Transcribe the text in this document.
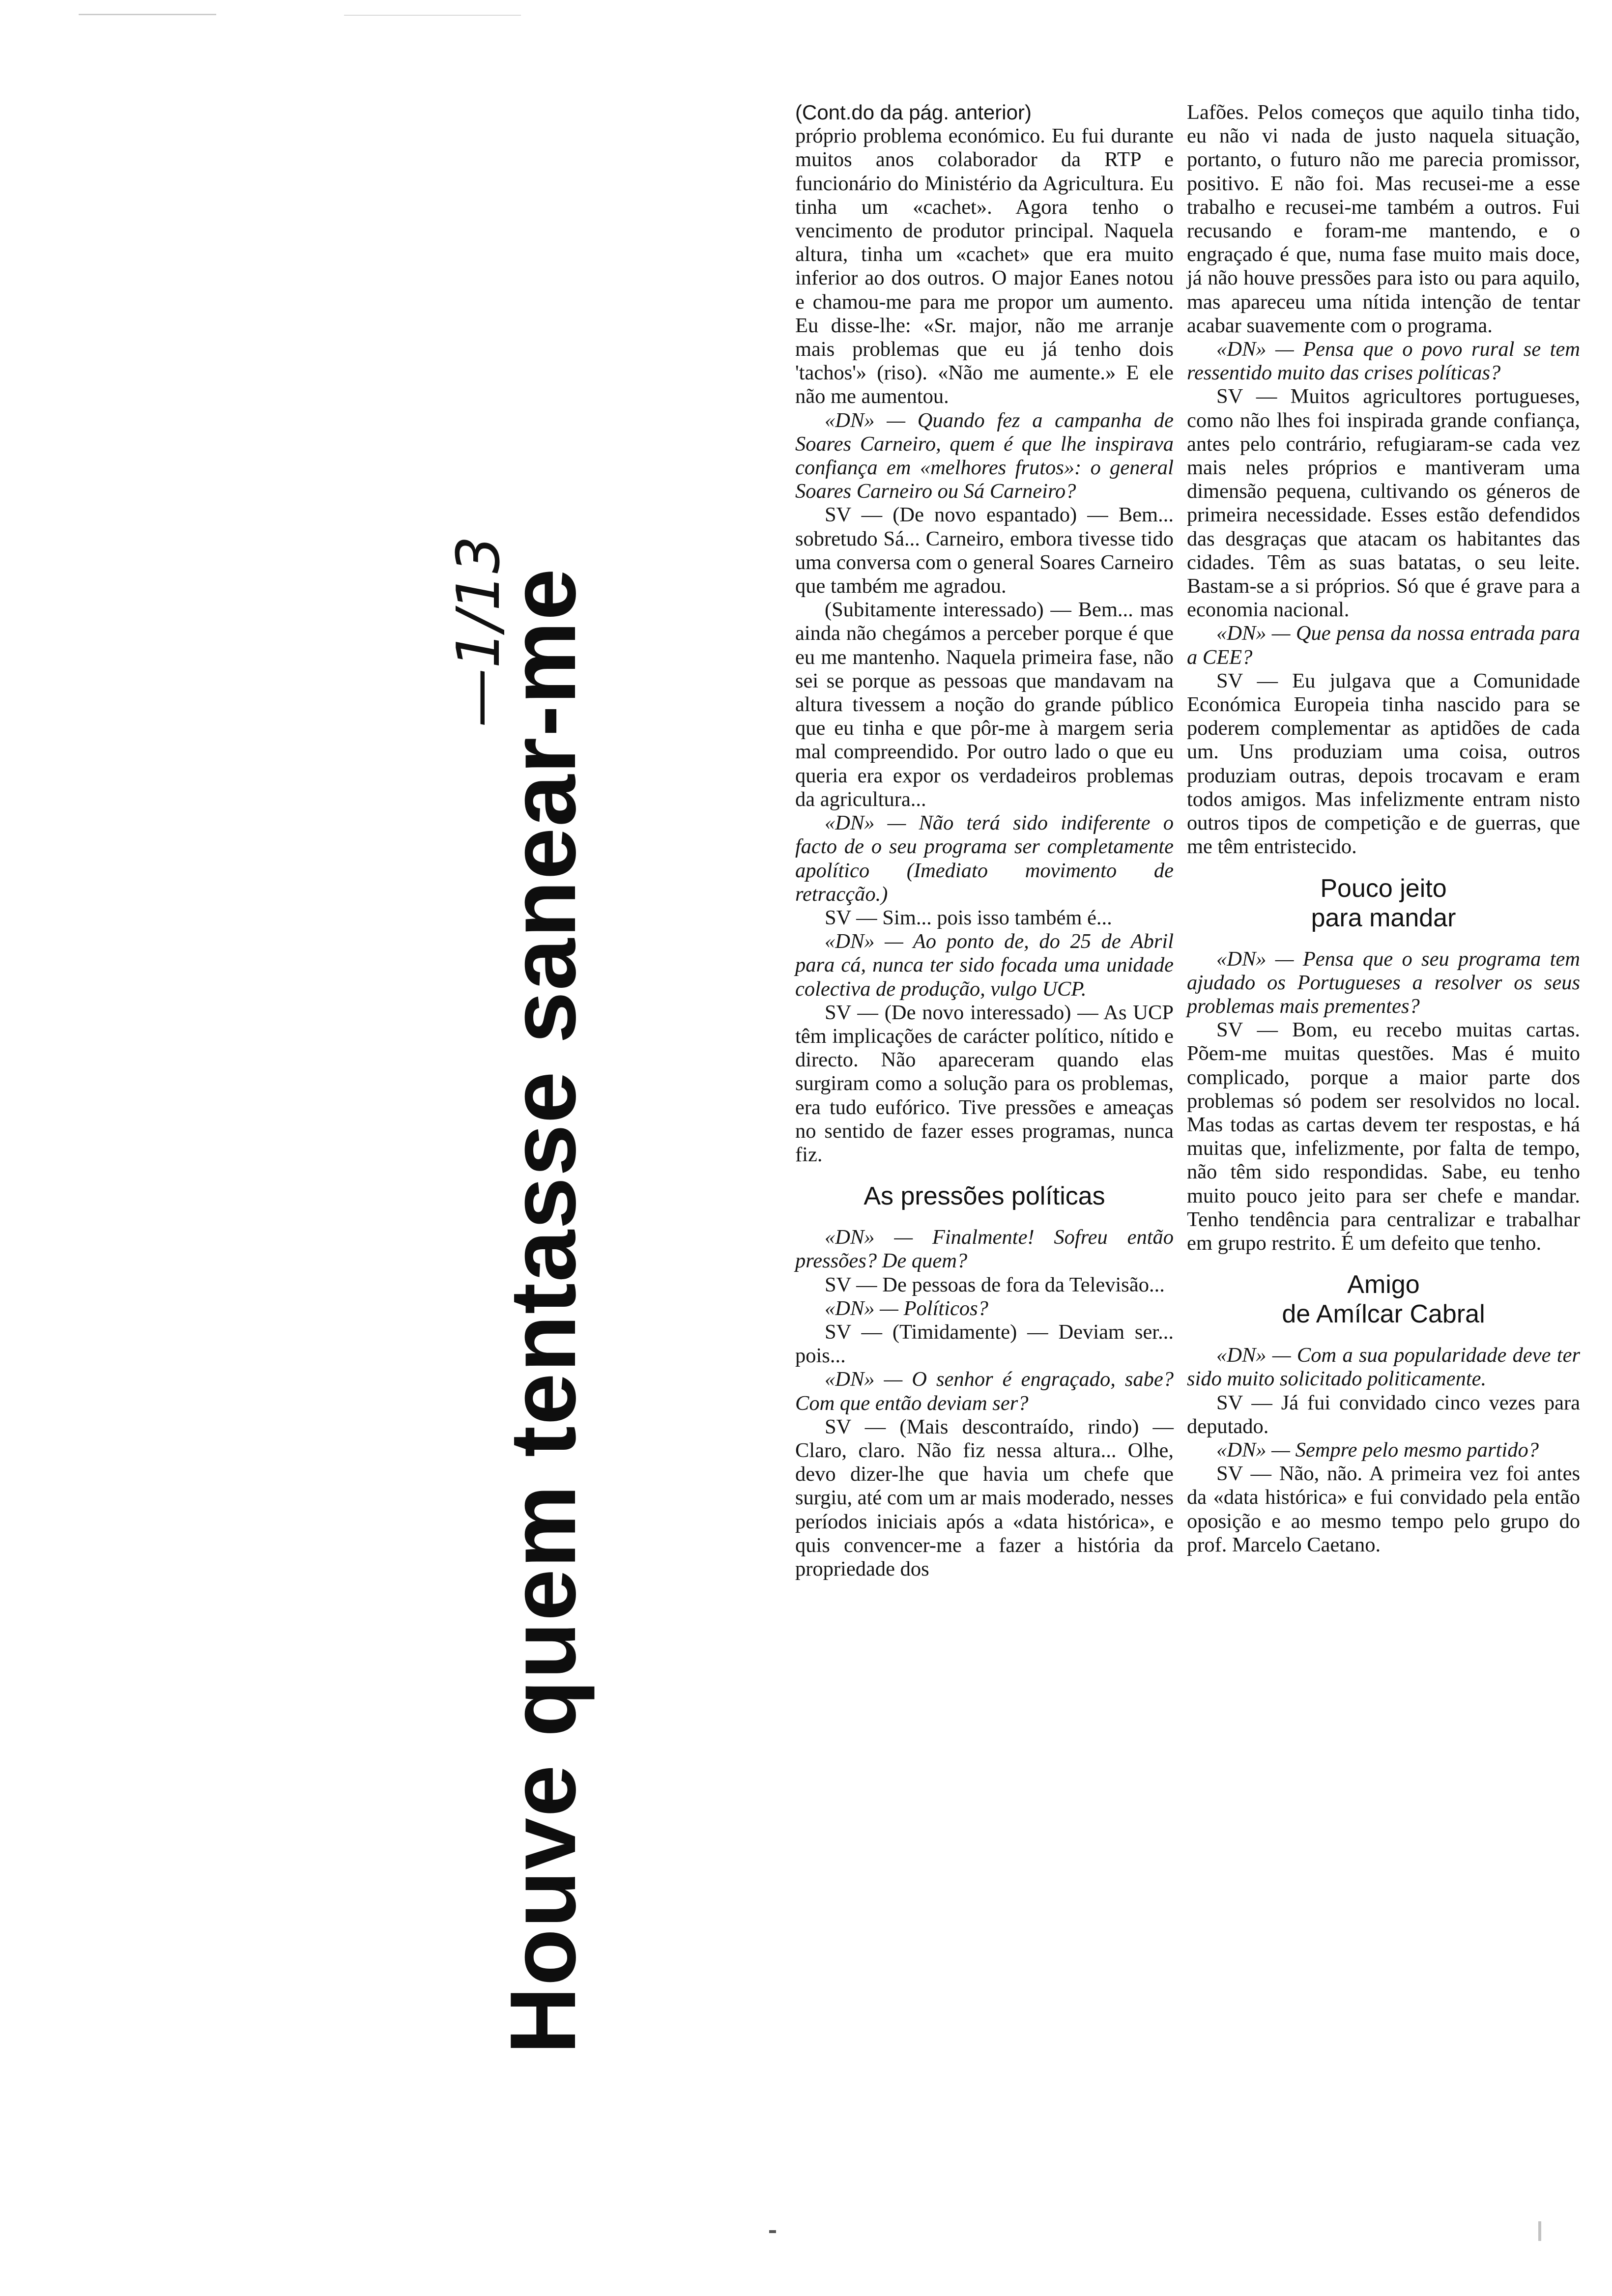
Houve quem tentasse sanear-me
—1/13

(Cont.do da pág. anterior)

próprio problema económico. Eu fui durante muitos anos colaborador da RTP e funcionário do Ministério da Agricultura. Eu tinha um «cachet». Agora tenho o vencimento de produtor principal. Naquela altura, tinha um «cachet» que era muito inferior ao dos outros. O major Eanes notou e chamou-me para me propor um aumento. Eu disse-lhe: «Sr. major, não me arranje mais problemas que eu já tenho dois 'tachos'» (riso). «Não me aumente.» E ele não me aumentou.

«DN» — Quando fez a campanha de Soares Carneiro, quem é que lhe inspirava confiança em «melhores frutos»: o general Soares Carneiro ou Sá Carneiro?

SV — (De novo espantado) — Bem... sobretudo Sá... Carneiro, embora tivesse tido uma conversa com o general Soares Carneiro que também me agradou.

(Subitamente interessado) — Bem... mas ainda não chegámos a perceber porque é que eu me mantenho. Naquela primeira fase, não sei se porque as pessoas que mandavam na altura tivessem a noção do grande público que eu tinha e que pôr-me à margem seria mal compreendido. Por outro lado o que eu queria era expor os verdadeiros problemas da agricultura...

«DN» — Não terá sido indiferente o facto de o seu programa ser completamente apolítico (Imediato movimento de retracção.)

SV — Sim... pois isso também é...

«DN» — Ao ponto de, do 25 de Abril para cá, nunca ter sido focada uma unidade colectiva de produção, vulgo UCP.

SV — (De novo interessado) — As UCP têm implicações de carácter político, nítido e directo. Não apareceram quando elas surgiram como a solução para os problemas, era tudo eufórico. Tive pressões e ameaças no sentido de fazer esses programas, nunca fiz.

As pressões políticas

«DN» — Finalmente! Sofreu então pressões? De quem?

SV — De pessoas de fora da Televisão...

«DN» — Políticos?

SV — (Timidamente) — Deviam ser... pois...

«DN» — O senhor é engraçado, sabe? Com que então deviam ser?

SV — (Mais descontraído, rindo) — Claro, claro. Não fiz nessa altura... Olhe, devo dizer-lhe que havia um chefe que surgiu, até com um ar mais moderado, nesses períodos iniciais após a «data histórica», e quis convencer-me a fazer a história da propriedade dos

Lafões. Pelos começos que aquilo tinha tido, eu não vi nada de justo naquela situação, portanto, o futuro não me parecia promissor, positivo. E não foi. Mas recusei-me a esse trabalho e recusei-me também a outros. Fui recusando e foram-me mantendo, e o engraçado é que, numa fase muito mais doce, já não houve pressões para isto ou para aquilo, mas apareceu uma nítida intenção de tentar acabar suavemente com o programa.

«DN» — Pensa que o povo rural se tem ressentido muito das crises políticas?

SV — Muitos agricultores portugueses, como não lhes foi inspirada grande confiança, antes pelo contrário, refugiaram-se cada vez mais neles próprios e mantiveram uma dimensão pequena, cultivando os géneros de primeira necessidade. Esses estão defendidos das desgraças que atacam os habitantes das cidades. Têm as suas batatas, o seu leite. Bastam-se a si próprios. Só que é grave para a economia nacional.

«DN» — Que pensa da nossa entrada para a CEE?

SV — Eu julgava que a Comunidade Económica Europeia tinha nascido para se poderem complementar as aptidões de cada um. Uns produziam uma coisa, outros produziam outras, depois trocavam e eram todos amigos. Mas infelizmente entram nisto outros tipos de competição e de guerras, que me têm entristecido.

Pouco jeito
para mandar

«DN» — Pensa que o seu programa tem ajudado os Portugueses a resolver os seus problemas mais prementes?

SV — Bom, eu recebo muitas cartas. Põem-me muitas questões. Mas é muito complicado, porque a maior parte dos problemas só podem ser resolvidos no local. Mas todas as cartas devem ter respostas, e há muitas que, infelizmente, por falta de tempo, não têm sido respondidas. Sabe, eu tenho muito pouco jeito para ser chefe e mandar. Tenho tendência para centralizar e trabalhar em grupo restrito. É um defeito que tenho.

Amigo
de Amílcar Cabral

«DN» — Com a sua popularidade deve ter sido muito solicitado politicamente.

SV — Já fui convidado cinco vezes para deputado.

«DN» — Sempre pelo mesmo partido?

SV — Não, não. A primeira vez foi antes da «data histórica» e fui convidado pela então oposição e ao mesmo tempo pelo grupo do prof. Marcelo Caetano.
